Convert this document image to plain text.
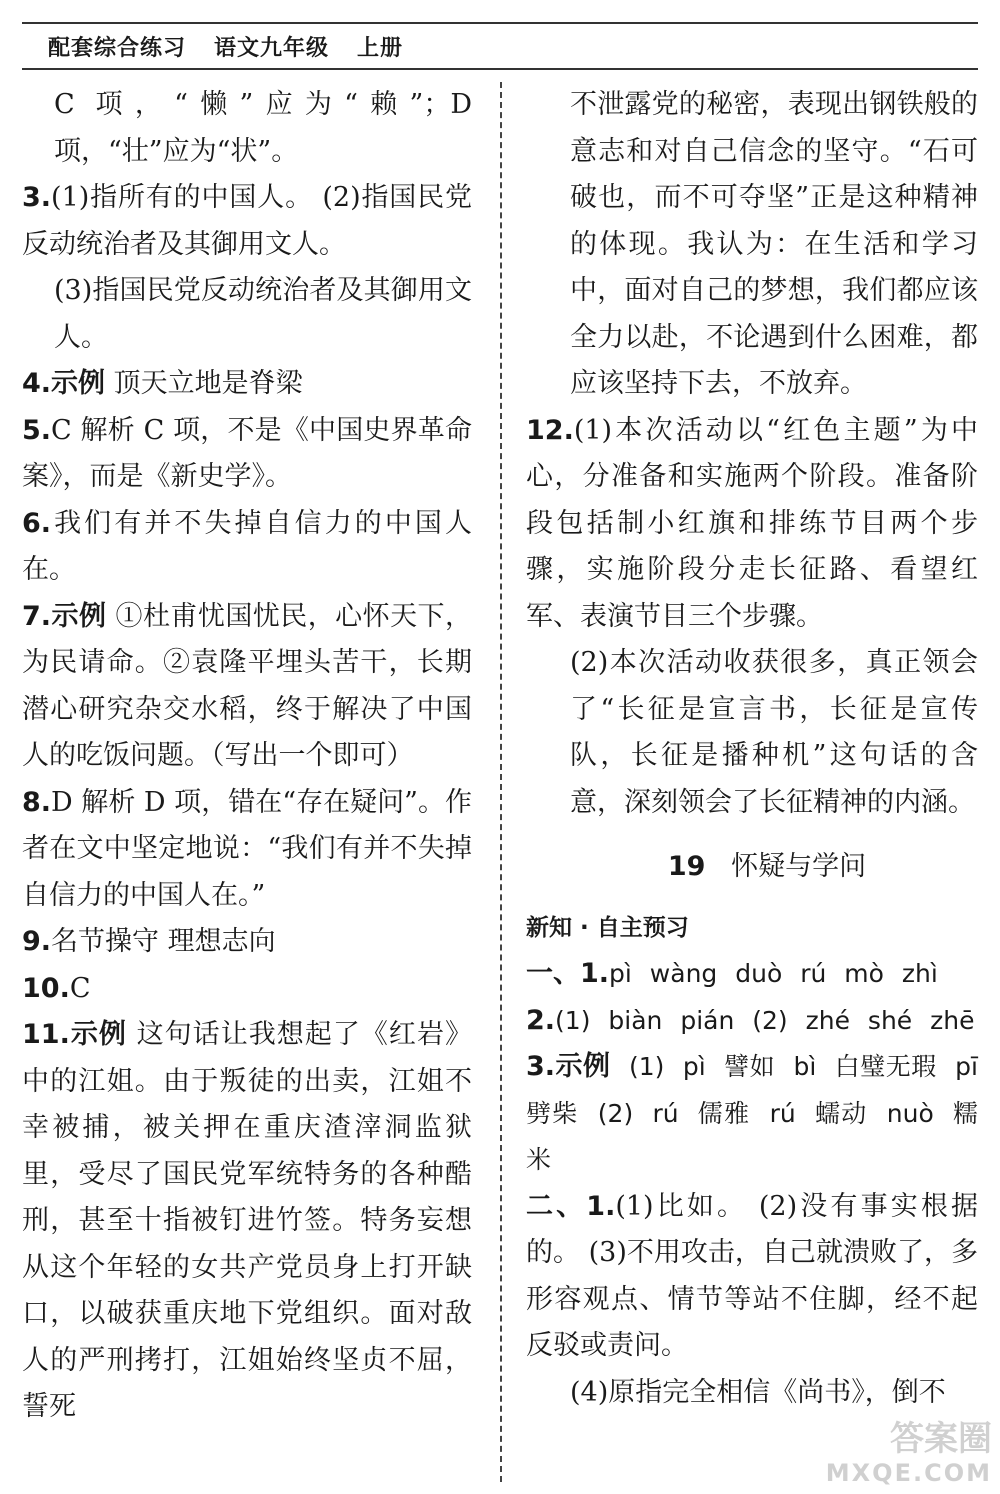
配套综合练习 语文九年级 上册

C 项，“懒”应为“赖”；D 项，“壮”应为“状”。

3.(1)指所有的中国人。 (2)指国民党反动统治者及其御用文人。

(3)指国民党反动统治者及其御用文人。

4.示例 顶天立地是脊梁

5.C 解析 C 项，不是《中国史界革命案》，而是《新史学》。

6.我们有并不失掉自信力的中国人在。

7.示例 ①杜甫忧国忧民，心怀天下，为民请命。②袁隆平埋头苦干，长期潜心研究杂交水稻，终于解决了中国人的吃饭问题。（写出一个即可）

8.D 解析 D 项，错在“存在疑问”。作者在文中坚定地说：“我们有并不失掉自信力的中国人在。”

9.名节操守 理想志向

10.C

11.示例 这句话让我想起了《红岩》中的江姐。由于叛徒的出卖，江姐不幸被捕，被关押在重庆渣滓洞监狱里，受尽了国民党军统特务的各种酷刑，甚至十指被钉进竹签。特务妄想从这个年轻的女共产党员身上打开缺口，以破获重庆地下党组织。面对敌人的严刑拷打，江姐始终坚贞不屈，誓死

不泄露党的秘密，表现出钢铁般的意志和对自己信念的坚守。“石可破也，而不可夺坚”正是这种精神的体现。我认为：在生活和学习中，面对自己的梦想，我们都应该全力以赴，不论遇到什么困难，都应该坚持下去，不放弃。

12.(1)本次活动以“红色主题”为中心，分准备和实施两个阶段。准备阶段包括制小红旗和排练节目两个步骤，实施阶段分走长征路、看望红军、表演节目三个步骤。

(2)本次活动收获很多，真正领会了“长征是宣言书，长征是宣传队，长征是播种机”这句话的含意，深刻领会了长征精神的内涵。

19 怀疑与学问

新知 · 自主预习

一、1.pì wàng duò rú mò zhì

2.(1) biàn pián (2) zhé shé zhē

3.示例 (1) pì 譬如 bì 白璧无瑕 pī 劈柴 (2) rú 儒雅 rú 蠕动 nuò 糯米

二、1.(1)比如。 (2)没有事实根据的。 (3)不用攻击，自己就溃败了，多形容观点、情节等站不住脚，经不起反驳或责问。

(4)原指完全相信《尚书》，倒不

答案圈
MXQE.COM
